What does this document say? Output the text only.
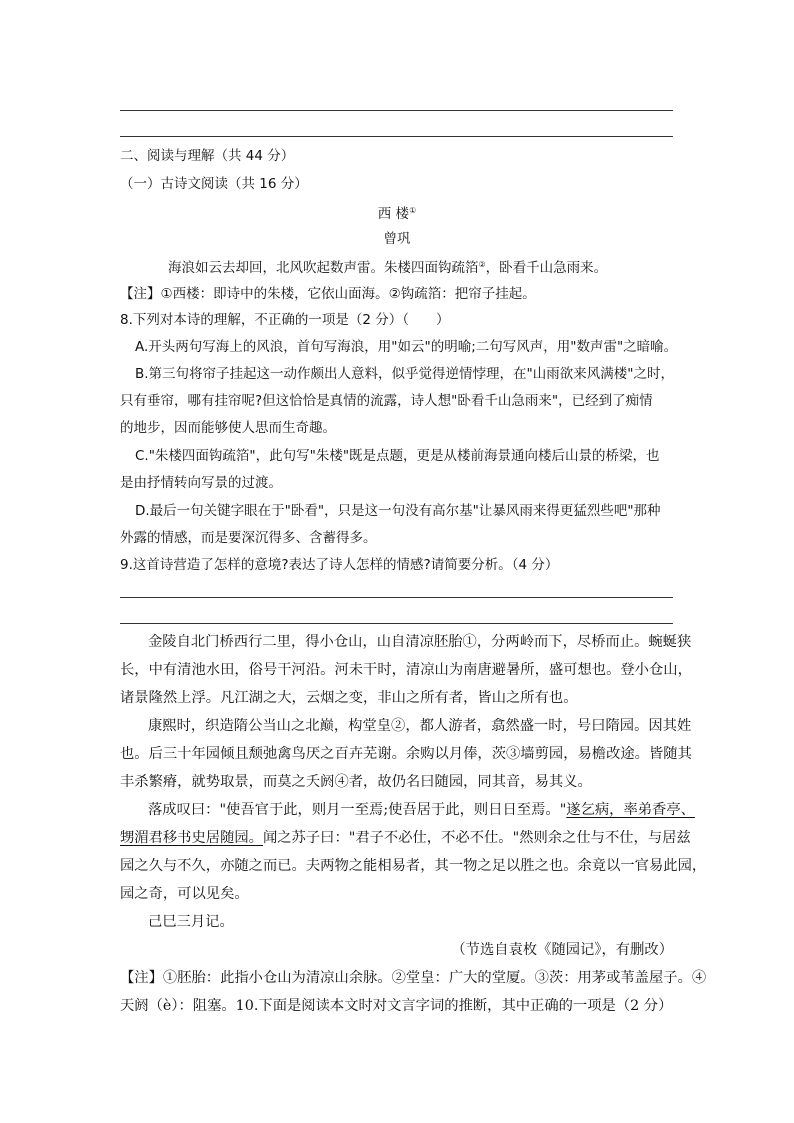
二、阅读与理解（共 44 分）
（一）古诗文阅读（共 16 分）
西 楼①
曾巩
海浪如云去却回，北风吹起数声雷。朱楼四面钩疏箔②，卧看千山急雨来。
【注】①西楼：即诗中的朱楼，它依山面海。②钩疏箔：把帘子挂起。
8.下列对本诗的理解，不正确的一项是（2 分）（　　）
A.开头两句写海上的风浪，首句写海浪，用"如云"的明喻;二句写风声，用"数声雷"之暗喻。
B.第三句将帘子挂起这一动作颇出人意料，似乎觉得逆情悖理，在"山雨欲来风满楼"之时，
只有垂帘，哪有挂帘呢?但这恰恰是真情的流露，诗人想"卧看千山急雨来"，已经到了痴情
的地步，因而能够使人思而生奇趣。
C."朱楼四面钩疏箔"，此句写"朱楼"既是点题，更是从楼前海景通向楼后山景的桥梁，也
是由抒情转向写景的过渡。
D.最后一句关键字眼在于"卧看"，只是这一句没有高尔基"让暴风雨来得更猛烈些吧"那种
外露的情感，而是要深沉得多、含蓄得多。
9.这首诗营造了怎样的意境?表达了诗人怎样的情感?请简要分析。（4 分）
金陵自北门桥西行二里，得小仓山，山自清凉胚胎①，分两岭而下，尽桥而止。蜿蜒狭
长，中有清池水田，俗号干河沿。河未干时，清凉山为南唐避暑所，盛可想也。登小仓山，
诸景隆然上浮。凡江湖之大，云烟之变，非山之所有者，皆山之所有也。
康熙时，织造隋公当山之北巅，构堂皇②，都人游者，翕然盛一时，号曰隋园。因其姓
也。后三十年园倾且颓弛禽鸟厌之百卉芜谢。余购以月俸，茨③墙剪园，易檐改途。皆随其
丰杀繁瘠，就势取景，而莫之夭阏④者，故仍名曰随园，同其音，易其义。
落成叹曰："使吾官于此，则月一至焉;使吾居于此，则日日至焉。"遂乞病，率弟香亭、
甥湄君移书史居随园。闻之苏子曰："君子不必仕，不必不仕。"然则余之仕与不仕，与居兹
园之久与不久，亦随之而已。夫两物之能相易者，其一物之足以胜之也。余竟以一官易此园，
园之奇，可以见矣。
己巳三月记。
（节选自袁枚《随园记》，有删改）
【注】①胚胎：此指小仓山为清凉山余脉。②堂皇：广大的堂厦。③茨：用茅或苇盖屋子。④
天阏（è）：阻塞。10.下面是阅读本文时对文言字词的推断，其中正确的一项是（2 分）
